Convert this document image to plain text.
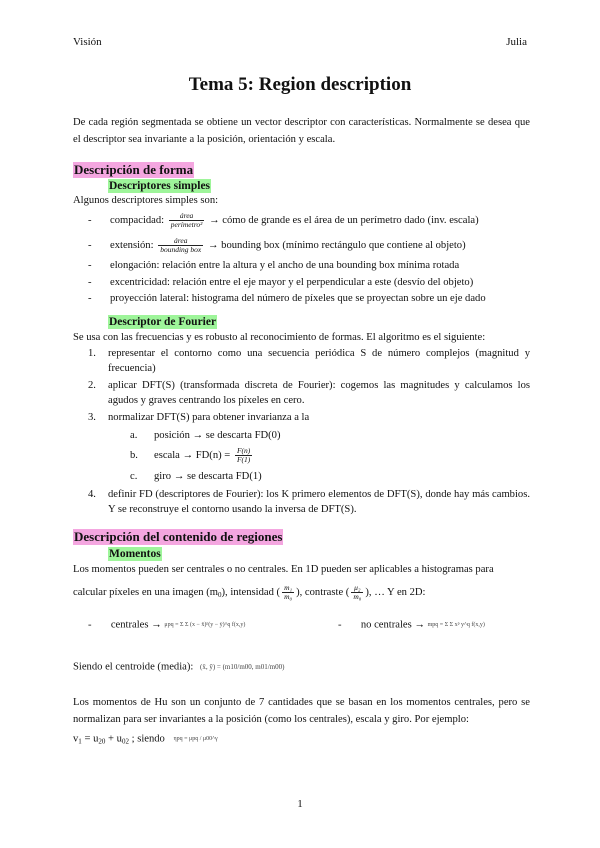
Visión	Julia
Tema 5: Region description
De cada región segmentada se obtiene un vector descriptor con características. Normalmente se desea que el descriptor sea invariante a la posición, orientación y escala.
Descripción de forma
Descriptores simples
Algunos descriptores simples son:
- compacidad: $\frac{\text{área}}{\text{perímetro²}}$ → cómo de grande es el área de un perímetro dado (inv. escala)
- extensión: $\frac{\text{área}}{\text{bounding box}}$ → bounding box (mínimo rectángulo que contiene al objeto)
- elongación: relación entre la altura y el ancho de una bounding box mínima rotada
- excentricidad: relación entre el eje mayor y el perpendicular a este (desvío del objeto)
- proyección lateral: histograma del número de píxeles que se proyectan sobre un eje dado
Descriptor de Fourier
Se usa con las frecuencias y es robusto al reconocimiento de formas. El algoritmo es el siguiente:
1. representar el contorno como una secuencia periódica S de número complejos (magnitud y frecuencia)
2. aplicar DFT(S) (transformada discreta de Fourier): cogemos las magnitudes y calculamos los agudos y graves centrando los píxeles en cero.
3. normalizar DFT(S) para obtener invarianza a la
a. posición → se descarta FD(0)
b. escala → $FD(n) = \frac{F(n)}{F(1)}$
c. giro → se descarta FD(1)
4. definir FD (descriptores de Fourier): los K primero elementos de DFT(S), donde hay más cambios. Y se reconstruye el contorno usando la inversa de DFT(S).
Descripción del contenido de regiones
Momentos
Los momentos pueden ser centrales o no centrales. En 1D pueden ser aplicables a histogramas para
calcular píxeles en una imagen $(m_0)$, intensidad ( $\frac{\text{m₁}}{\text{m₀}}$ ), contraste ( $\frac{\text{μ₂}}{\text{m₀}}$ ), … Y en 2D:
- centrales → μpq = Σ Σ (x − x̄)ᵖ(y − ȳ)^q f(x,y)	- no centrales → mpq = Σ Σ xᵖ y^q f(x,y)
Siendo el centroide (media): (x̄, ȳ) = (m10/m00, m01/m00)
Los momentos de Hu son un conjunto de 7 cantidades que se basan en los momentos centrales, pero se normalizan para ser invariantes a la posición (como los centrales), escala y giro. Por ejemplo:
$v_1 = u_{20} + u_{02}$ ; siendo ηpq = μpq / μ00^γ
1
